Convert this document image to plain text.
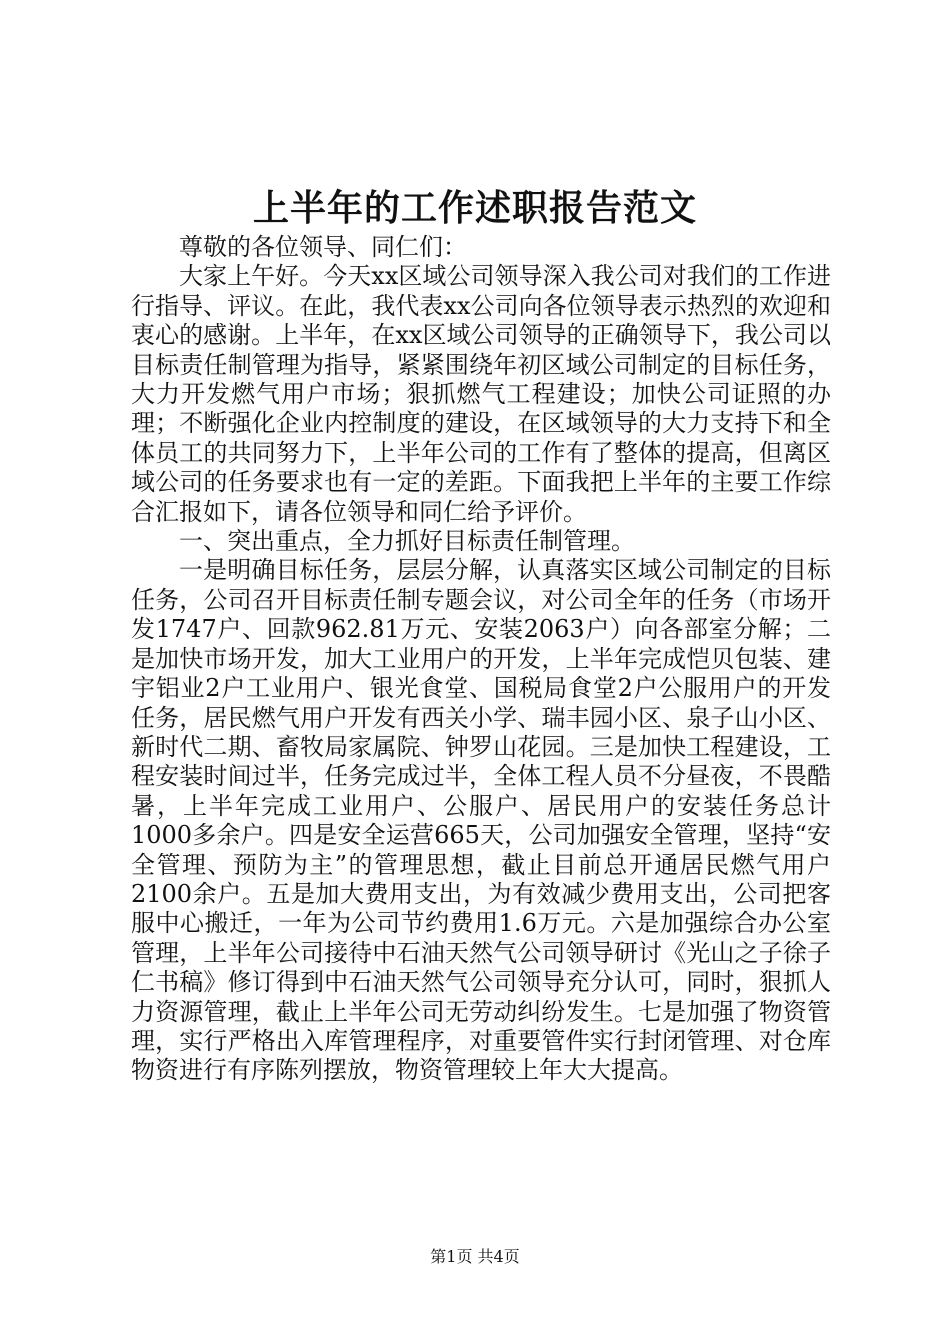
上半年的工作述职报告范文

尊敬的各位领导、同仁们：

大家上午好。今天xx区域公司领导深入我公司对我们的工作进行指导、评议。在此，我代表xx公司向各位领导表示热烈的欢迎和衷心的感谢。上半年，在xx区域公司领导的正确领导下，我公司以目标责任制管理为指导，紧紧围绕年初区域公司制定的目标任务，大力开发燃气用户市场；狠抓燃气工程建设；加快公司证照的办理；不断强化企业内控制度的建设，在区域领导的大力支持下和全体员工的共同努力下，上半年公司的工作有了整体的提高，但离区域公司的任务要求也有一定的差距。下面我把上半年的主要工作综合汇报如下，请各位领导和同仁给予评价。

一、突出重点，全力抓好目标责任制管理。

一是明确目标任务，层层分解，认真落实区域公司制定的目标任务，公司召开目标责任制专题会议，对公司全年的任务（市场开发1747户、回款962.81万元、安装2063户）向各部室分解；二是加快市场开发，加大工业用户的开发，上半年完成恺贝包装、建宇铝业2户工业用户、银光食堂、国税局食堂2户公服用户的开发任务，居民燃气用户开发有西关小学、瑞丰园小区、泉子山小区、新时代二期、畜牧局家属院、钟罗山花园。三是加快工程建设，工程安装时间过半，任务完成过半，全体工程人员不分昼夜，不畏酷暑，上半年完成工业用户、公服户、居民用户的安装任务总计1000多余户。四是安全运营665天，公司加强安全管理，坚持“安全管理、预防为主”的管理思想，截止目前总开通居民燃气用户2100余户。五是加大费用支出，为有效减少费用支出，公司把客服中心搬迁，一年为公司节约费用1.6万元。六是加强综合办公室管理，上半年公司接待中石油天然气公司领导研讨《光山之子徐子仁书稿》修订得到中石油天然气公司领导充分认可，同时，狠抓人力资源管理，截止上半年公司无劳动纠纷发生。七是加强了物资管理，实行严格出入库管理程序，对重要管件实行封闭管理、对仓库物资进行有序陈列摆放，物资管理较上年大大提高。

第1页 共4页
